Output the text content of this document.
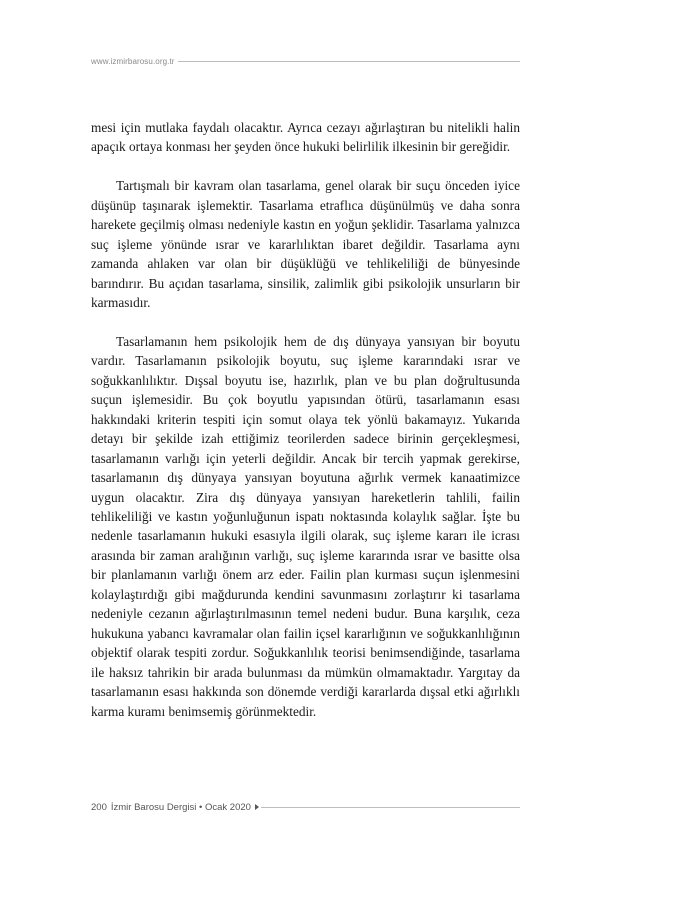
www.izmirbarosu.org.tr

mesi için mutlaka faydalı olacaktır. Ayrıca cezayı ağırlaştıran bu nitelikli halin apaçık ortaya konması her şeyden önce hukuki belirlilik ilkesinin bir gereğidir.

Tartışmalı bir kavram olan tasarlama, genel olarak bir suçu önceden iyice düşünüp taşınarak işlemektir. Tasarlama etraflıca düşünülmüş ve daha sonra harekete geçilmiş olması nedeniyle kastın en yoğun şeklidir. Tasarlama yalnızca suç işleme yönünde ısrar ve kararlılıktan ibaret değildir. Tasarlama aynı zamanda ahlaken var olan bir düşüklüğü ve tehlikeliliği de bünyesinde barındırır. Bu açıdan tasarlama, sinsilik, zalimlik gibi psikolojik unsurların bir karmasıdır.

Tasarlamanın hem psikolojik hem de dış dünyaya yansıyan bir boyutu vardır. Tasarlamanın psikolojik boyutu, suç işleme kararındaki ısrar ve soğukkanlılıktır. Dışsal boyutu ise, hazırlık, plan ve bu plan doğrultusunda suçun işlemesidir. Bu çok boyutlu yapısından ötürü, tasarlamanın esası hakkındaki kriterin tespiti için somut olaya tek yönlü bakamayız. Yukarıda detayı bir şekilde izah ettiğimiz teorilerden sadece birinin gerçekleşmesi, tasarlamanın varlığı için yeterli değildir. Ancak bir tercih yapmak gerekirse, tasarlamanın dış dünyaya yansıyan boyutuna ağırlık vermek kanaatimizce uygun olacaktır. Zira dış dünyaya yansıyan hareketlerin tahlili, failin tehlikeliliği ve kastın yoğunluğunun ispatı noktasında kolaylık sağlar. İşte bu nedenle tasarlamanın hukuki esasıyla ilgili olarak, suç işleme kararı ile icrası arasında bir zaman aralığının varlığı, suç işleme kararında ısrar ve basitte olsa bir planlamanın varlığı önem arz eder. Failin plan kurması suçun işlenmesini kolaylaştırdığı gibi mağdurunda kendini savunmasını zorlaştırır ki tasarlama nedeniyle cezanın ağırlaştırılmasının temel nedeni budur. Buna karşılık, ceza hukukuna yabancı kavramalar olan failin içsel kararlığının ve soğukkanlılığının objektif olarak tespiti zordur. Soğukkanlılık teorisi benimsendiğinde, tasarlama ile haksız tahrikin bir arada bulunması da mümkün olmamaktadır. Yargıtay da tasarlamanın esası hakkında son dönemde verdiği kararlarda dışsal etki ağırlıklı karma kuramı benimsemiş görünmektedir.

200 İzmir Barosu Dergisi • Ocak 2020
